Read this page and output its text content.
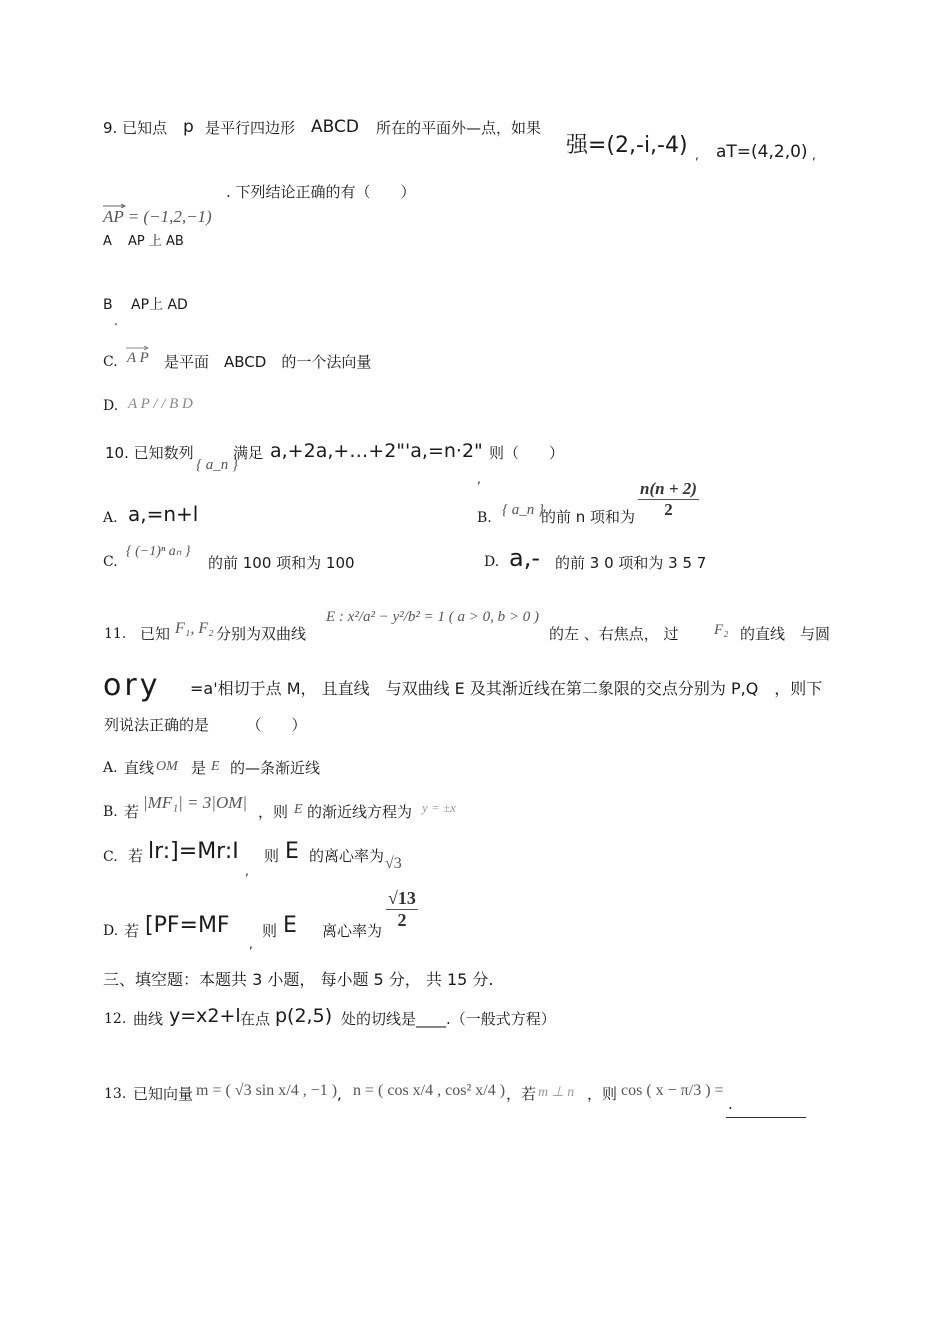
9. 已知点 p 是平行四边形 ABCD 所在的平面外—点，如果
强=(2,-i,-4) , aT=(4,2,0) ,
. 下列结论正确的有（　　）
AP = (−1,2,−1)
A AP 上 AB
B AP上 AD
.
C. A P 是平面　ABCD　的一个法向量
D. A P / / B D
10. 已知数列
{ a_n }
满足 a,+2a,+…+2"'a,=n·2" 则（　　）
,
A. a,=n+l	B. { a_n }
的前 n 项和为 $\frac{n(n + 2)}{2}$
C.
{ (−1)ⁿ aₙ }
的前 100 项和为 100	D. a,- 的前 3 0 项和为 3 5 7
11. 已知 F₁, F₂ 分别为双曲线
E : x²/a² − y²/b² = 1 ( a > 0, b > 0 )
的左 、右焦点， 过 F₂ 的直线　与圆
ory =a'相切于点 M， 且直线　与双曲线 E 及其渐近线在第二象限的交点分别为 P,Q　，则下
列说法正确的是　　　（　　）
A. 直线 OM 是 E 的—条渐近线
B. 若 |MF₁| = 3|OM| ，则 E 的渐近线方程为 y = ±x
C. 若 lr:]=Mr:I
,
则 E 的离心率为 √3
D. 若 [PF=MF
,
则 E 离心率为 $\frac{√13}{2}$
三、填空题：本题共 3 小题， 每小题 5 分， 共 15 分.
12. 曲线 y=x2+l 在点 p(2,5) 处的切线是____.（一般式方程）
13. 已知向量 m = ( √3 sin x/4 , −1 ) , n = ( cos x/4 , cos² x/4 ) ，若 m ⊥ n ，则 cos ( x − π/3 ) =
.
